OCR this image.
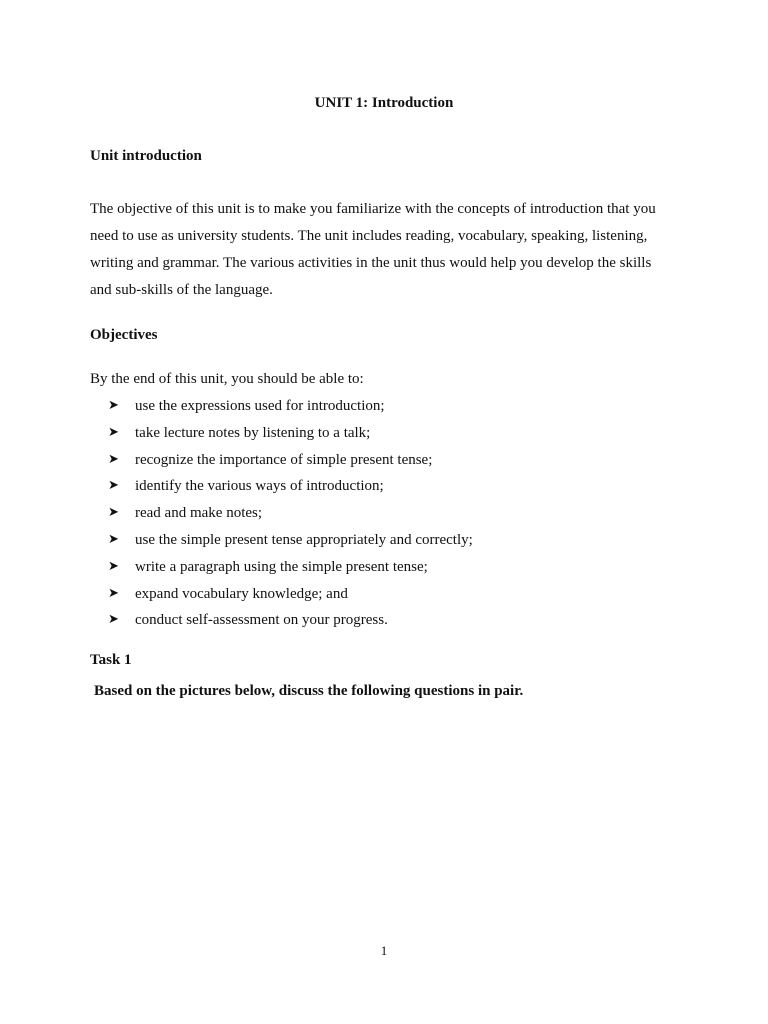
UNIT 1: Introduction
Unit introduction
The objective of this unit is to make you familiarize with the concepts of introduction that you
need to use as university students. The unit includes reading, vocabulary, speaking, listening,
writing and grammar. The various activities in the unit thus would help you develop the skills
and sub-skills of the language.
Objectives
By the end of this unit, you should be able to:
➤	use the expressions used for introduction;
➤	take lecture notes by listening to a talk;
➤	recognize the importance of simple present tense;
➤	identify the various ways of introduction;
➤	read and make notes;
➤	use the simple present tense appropriately and correctly;
➤	write a paragraph using the simple present tense;
➤	expand vocabulary knowledge; and
➤	conduct self-assessment on your progress.
Task 1
Based on the pictures below, discuss the following questions in pair.
1
